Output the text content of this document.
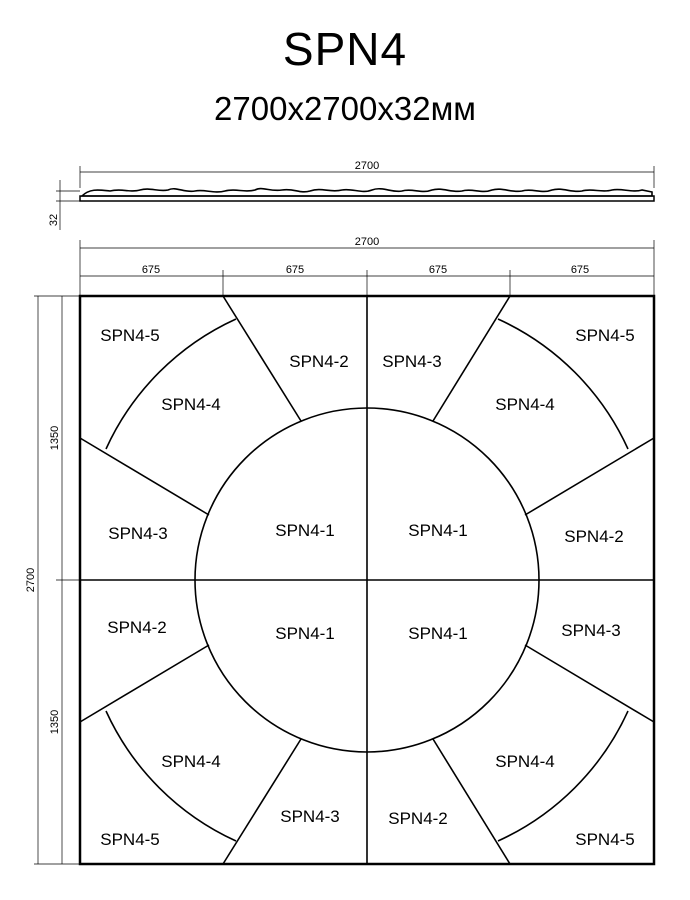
SPN4
2700x2700x32мм
2700
32
2700
675	675	675	675
2700
1350
1350
SPN4-5
SPN4-2 SPN4-3
SPN4-5
SPN4-4	SPN4-4
SPN4-3	SPN4-1	SPN4-1	SPN4-2
SPN4-2	SPN4-1	SPN4-1	SPN4-3
SPN4-4	SPN4-4
SPN4-3	SPN4-2
SPN4-5	SPN4-5
